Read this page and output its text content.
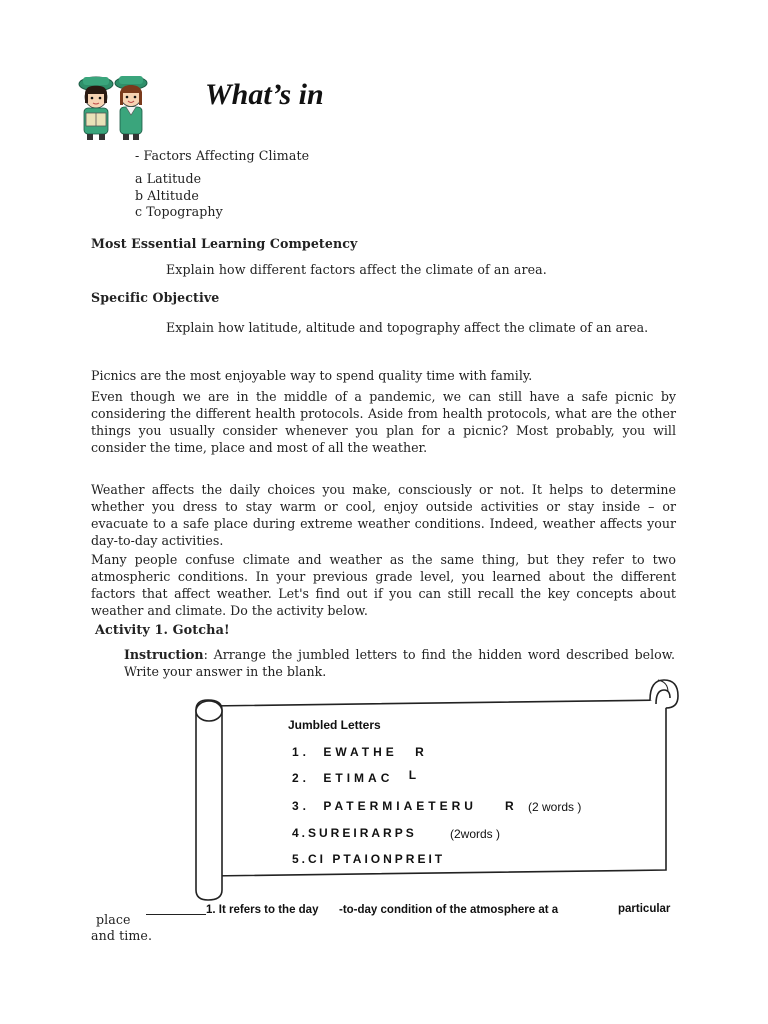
What’s in
- Factors Affecting Climate
a Latitude
b Altitude
c Topography
Most Essential Learning Competency
Explain how different factors affect the climate of an area.
Specific Objective
Explain how latitude, altitude and topography affect the climate of an area.
Picnics are the most enjoyable way to spend quality time with family.
Even though we are in the middle of a pandemic, we can still have a safe picnic by considering the different health protocols. Aside from health protocols, what are the other things you usually consider whenever you plan for a picnic? Most probably, you will consider the time, place and most of all the weather.
Weather affects the daily choices you make, consciously or not. It helps to determine whether you dress to stay warm or cool, enjoy outside activities or stay inside – or evacuate to a safe place during extreme weather conditions. Indeed, weather affects your day-to-day activities.
Many people confuse climate and weather as the same thing, but they refer to two atmospheric conditions. In your previous grade level, you learned about the different factors that affect weather. Let's find out if you can still recall the key concepts about weather and climate. Do the activity below.
Activity 1. Gotcha!
Instruction: Arrange the jumbled letters to find the hidden word described below. Write your answer in the blank.
Jumbled Letters
1. EWATHE R
2. ETIMAC L
3. PATERMIAETERU R (2 words )
4.SUREIRARPS	(2words )
5.CI PTAIONPREIT
place
1. It refers to the day -to-day condition of the atmosphere at a	particular
and time.
